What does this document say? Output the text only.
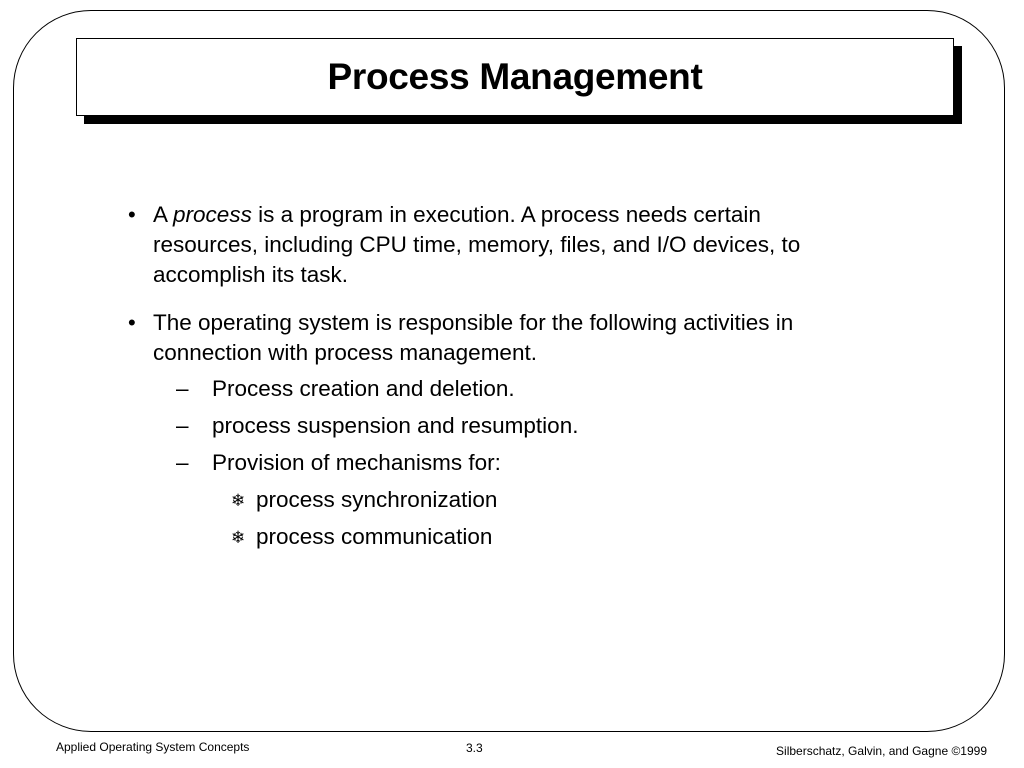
Process Management
• A process is a program in execution. A process needs certain
resources, including CPU time, memory, files, and I/O devices, to
accomplish its task.
• The operating system is responsible for the following activities in
connection with process management.
– Process creation and deletion.
– process suspension and resumption.
– Provision of mechanisms for:
❄ process synchronization
❄ process communication
Applied Operating System Concepts	3.3	Silberschatz, Galvin, and Gagne ©1999
